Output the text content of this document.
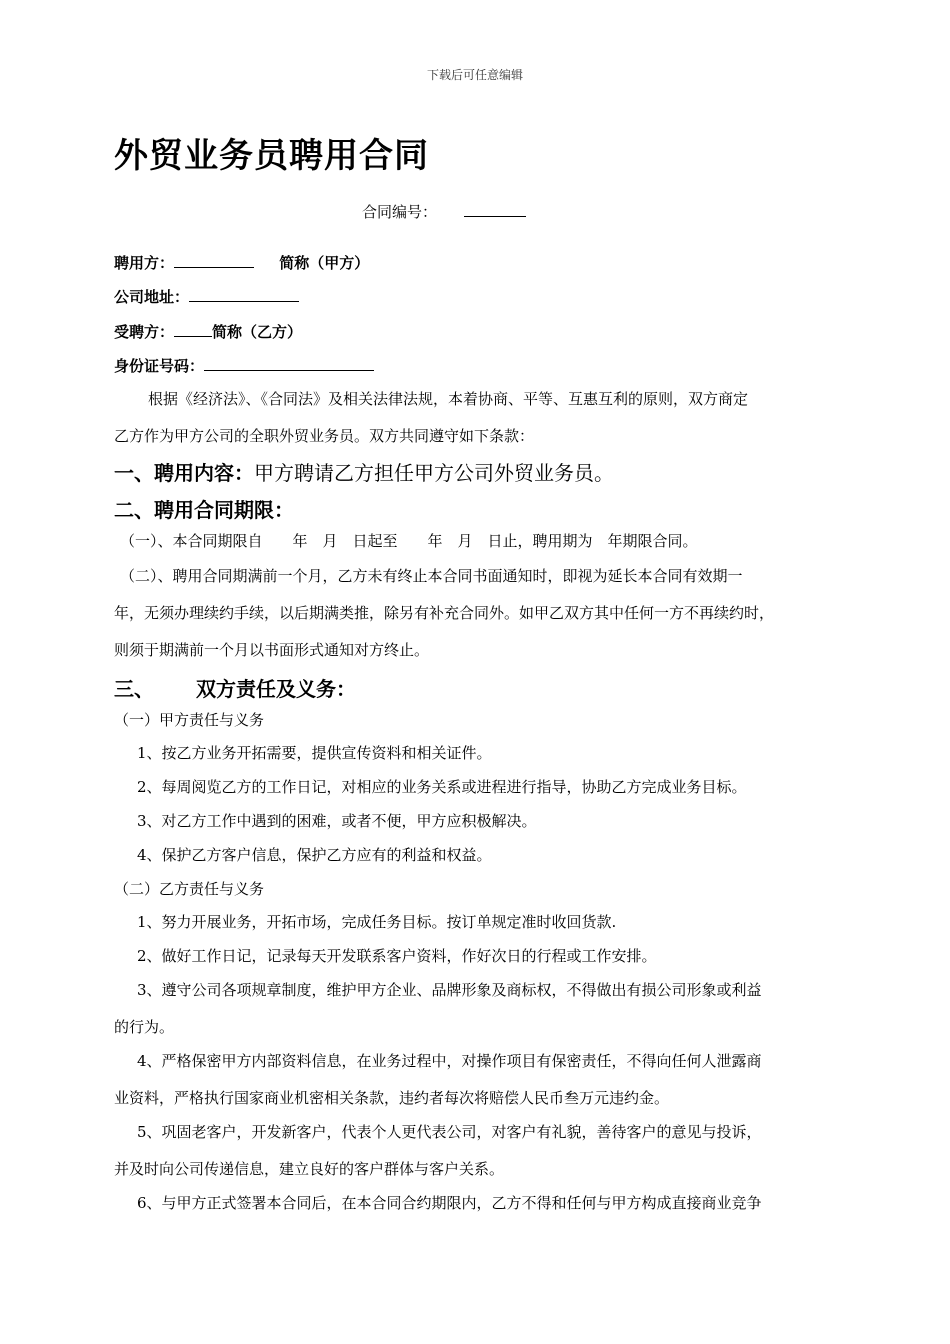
下载后可任意编辑
外贸业务员聘用合同
合同编号：
聘用方：	简称（甲方）
公司地址：
受聘方：	简称（乙方）
身份证号码：
根据《经济法》、《合同法》及相关法律法规，本着协商、平等、互惠互利的原则，双方商定
乙方作为甲方公司的全职外贸业务员。双方共同遵守如下条款：
一、聘用内容：甲方聘请乙方担任甲方公司外贸业务员。
二、聘用合同期限：
（一）、本合同期限自　　年　月　日起至　　年　月　日止，聘用期为　年期限合同。
（二）、聘用合同期满前一个月，乙方未有终止本合同书面通知时，即视为延长本合同有效期一
年，无须办理续约手续，以后期满类推，除另有补充合同外。如甲乙双方其中任何一方不再续约时，
则须于期满前一个月以书面形式通知对方终止。
三、 双方责任及义务：
（一）甲方责任与义务
1、按乙方业务开拓需要，提供宣传资料和相关证件。
2、每周阅览乙方的工作日记，对相应的业务关系或进程进行指导，协助乙方完成业务目标。
3、对乙方工作中遇到的困难，或者不便，甲方应积极解决。
4、保护乙方客户信息，保护乙方应有的利益和权益。
（二）乙方责任与义务
1、努力开展业务，开拓市场，完成任务目标。按订单规定准时收回货款.
2、做好工作日记，记录每天开发联系客户资料，作好次日的行程或工作安排。
3、遵守公司各项规章制度，维护甲方企业、品牌形象及商标权，不得做出有损公司形象或利益
的行为。
4、严格保密甲方内部资料信息，在业务过程中，对操作项目有保密责任，不得向任何人泄露商
业资料，严格执行国家商业机密相关条款，违约者每次将赔偿人民币叁万元违约金。
5、巩固老客户，开发新客户，代表个人更代表公司，对客户有礼貌，善待客户的意见与投诉，
并及时向公司传递信息，建立良好的客户群体与客户关系。
6、与甲方正式签署本合同后，在本合同合约期限内，乙方不得和任何与甲方构成直接商业竞争
